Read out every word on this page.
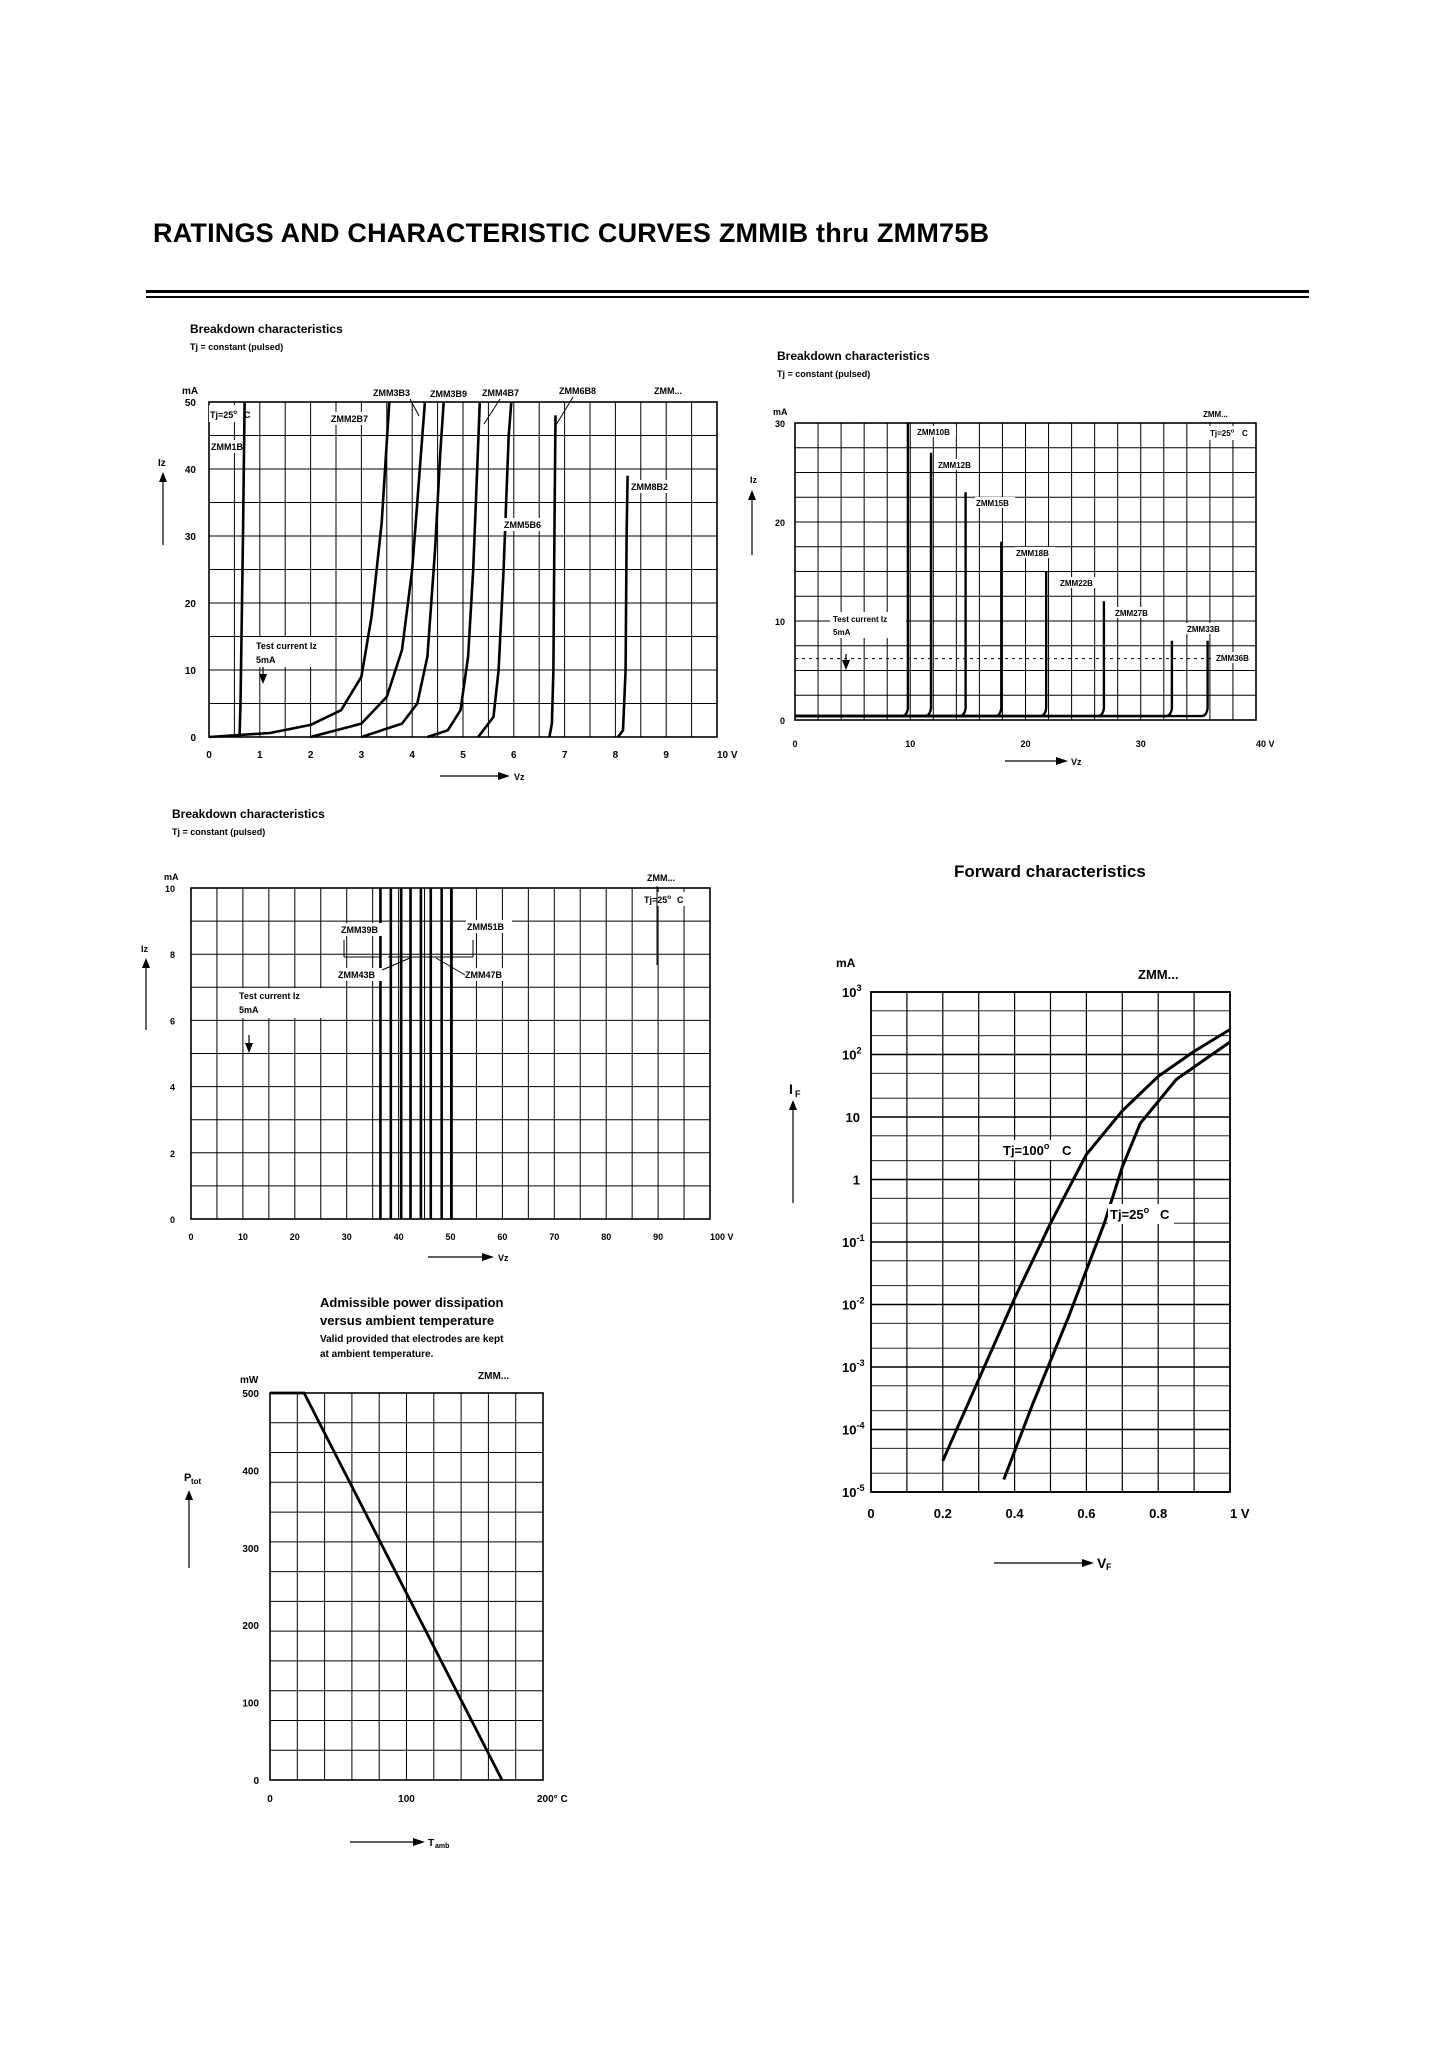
RATINGS AND CHARACTERISTIC CURVES ZMMIB thru ZMM75B
Breakdown characteristics
Tj = constant (pulsed)
mA
0
10
20
30
40
50
0	1	2	3	4	5	6	7	8	9	10 V
Iz
Vz
$Tj=25^o$ C
ZMM...
Test current Iz
5mA
ZMM1B
ZMM2B7
ZMM3B3 ZMM3B9 ZMM4B7
ZMM5B6
ZMM6B8
ZMM8B2
Breakdown characteristics
Tj = constant (pulsed)
mA
0
10
20
30
0	10	20	30	40 V
Iz
Vz
$Tj=25^o$ C
ZMM...
Test current Iz
5mA
ZMM10B
ZMM12B
ZMM15B
ZMM18B
ZMM22B
ZMM27B
ZMM33B
ZMM36B
Breakdown characteristics
Tj = constant (pulsed)
mA
0
2
4
6
8
10
0	10	20	30	40	50	60	70	80	90	100 V
Iz
Vz
$Tj=25^o$ C
ZMM...
Test current Iz
5mA
ZMM39B
ZMM43B
ZMM51B
ZMM47B
Forward characteristics
mA
$10^{-5}$
$10^{-4}$
$10^{-3}$
$10^{-2}$
$10^{-1}$
1
10
$10^2$
$10^3$
0	0.2	0.4	0.6	0.8	1 V
I F
V F
ZMM...
$Tj=100^o$ C
$Tj=25^o$ C
Admissible power dissipation
versus ambient temperature
Valid provided that electrodes are kept
at ambient temperature.
mW
0
100
200
300
400
500
0	100	200° C
P tot
T amb
ZMM...
